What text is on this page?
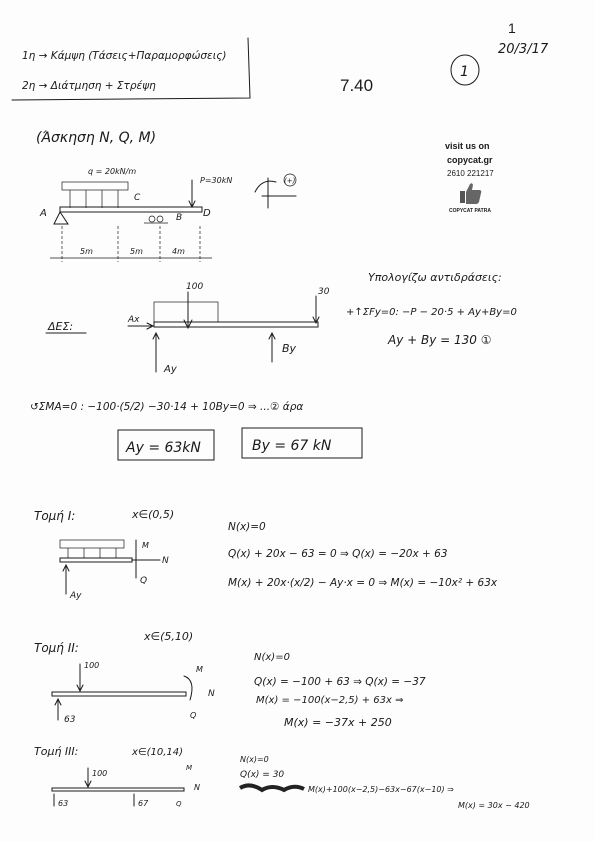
1
7.40
visit us on
copycat.gr
2610 221217
COPYCAT PATRA
1η → Κάμψη (Τάσεις+Παραμορφώσεις)
2η → Διάτμηση + Στρέψη
20/3/17
1
(Άσκηση N, Q, M)
q = 20kN/m
P=30kN
A
C
B D
5m	5m	4m
(+)
ΔΕΣ:
100	30
Ax
Ay
By
Υπολογίζω αντιδράσεις:
+↑ΣFy=0: −P − 20·5 + Ay+By=0
Ay + By = 130 ①
↺ΣMA=0 : −100·(5/2) −30·14 + 10By=0 ⇒ ...② άρα
Ay = 63kN	By = 67 kN
Τομή I:	x∈(0,5)
Ay
N
Q
M
N(x)=0
Q(x) + 20x − 63 = 0 ⇒ Q(x) = −20x + 63
M(x) + 20x·(x/2) − Ay·x = 0 ⇒ M(x) = −10x² + 63x
Τομή II:
x∈(5,10)
100
63
M
N
Q
N(x)=0
Q(x) = −100 + 63 ⇒ Q(x) = −37
M(x) = −100(x−2,5) + 63x ⇒
M(x) = −37x + 250
Τομή III:	x∈(10,14)
100
63	67
M
N
Q
N(x)=0
Q(x) = 30
M(x)+100(x−2,5)−63x−67(x−10) ⇒
M(x) = 30x − 420
